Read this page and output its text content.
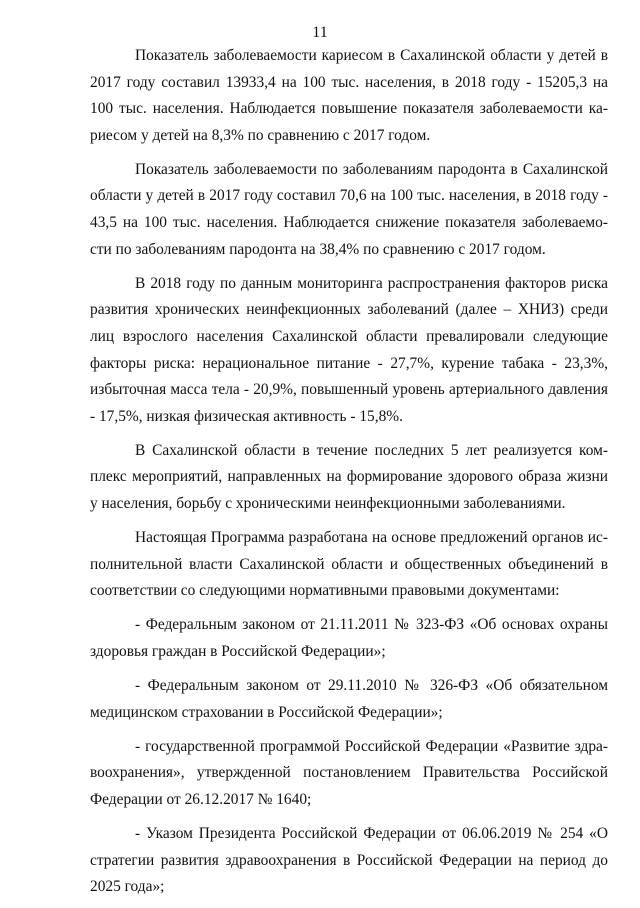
11

Показатель заболеваемости кариесом в Сахалинской области у детей в 2017 году составил 13933,4 на 100 тыс. населения, в 2018 году - 15205,3 на 100 тыс. населения. Наблюдается повышение показателя заболеваемости кариесом у детей на 8,3% по сравнению с 2017 годом.

Показатель заболеваемости по заболеваниям пародонта в Сахалинской области у детей в 2017 году составил 70,6 на 100 тыс. населения, в 2018 году - 43,5 на 100 тыс. населения. Наблюдается снижение показателя заболеваемости по заболеваниям пародонта на 38,4% по сравнению с 2017 годом.

В 2018 году по данным мониторинга распространения факторов риска развития хронических неинфекционных заболеваний (далее – ХНИЗ) среди лиц взрослого населения Сахалинской области превалировали следующие факторы риска: нерациональное питание - 27,7%, курение табака - 23,3%, избыточная масса тела - 20,9%, повышенный уровень артериального давления - 17,5%, низкая физическая активность - 15,8%.

В Сахалинской области в течение последних 5 лет реализуется комплекс мероприятий, направленных на формирование здорового образа жизни у населения, борьбу с хроническими неинфекционными заболеваниями.

Настоящая Программа разработана на основе предложений органов исполнительной власти Сахалинской области и общественных объединений в соответствии со следующими нормативными правовыми документами:

- Федеральным законом от 21.11.2011 № 323-ФЗ «Об основах охраны здоровья граждан в Российской Федерации»;

- Федеральным законом от 29.11.2010 № 326-ФЗ «Об обязательном медицинском страховании в Российской Федерации»;

- государственной программой Российской Федерации «Развитие здравоохранения», утвержденной постановлением Правительства Российской Федерации от 26.12.2017 № 1640;

- Указом Президента Российской Федерации от 06.06.2019 № 254 «О стратегии развития здравоохранения в Российской Федерации на период до 2025 года»;
